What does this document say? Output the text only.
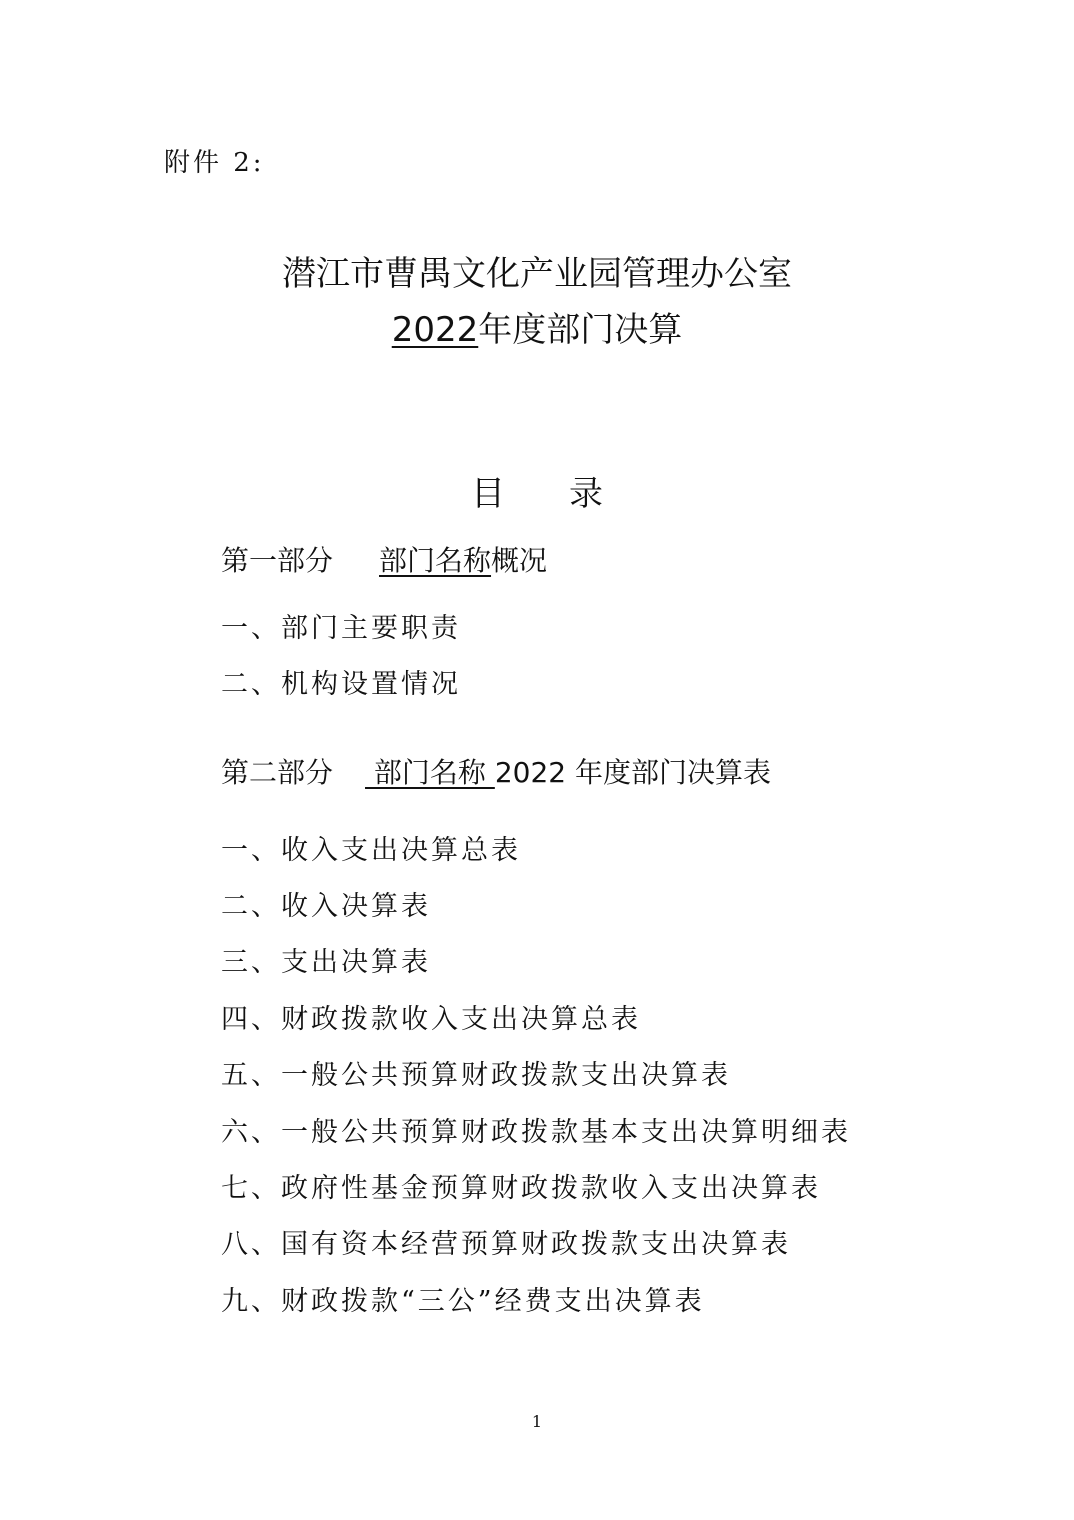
附件 2:
潜江市曹禺文化产业园管理办公室
2022年度部门决算
目 录
第一部分 部门名称概况
一、部门主要职责
二、机构设置情况
第二部分 部门名称 2022 年度部门决算表
一、收入支出决算总表
二、收入决算表
三、支出决算表
四、财政拨款收入支出决算总表
五、一般公共预算财政拨款支出决算表
六、一般公共预算财政拨款基本支出决算明细表
七、政府性基金预算财政拨款收入支出决算表
八、国有资本经营预算财政拨款支出决算表
九、财政拨款“三公”经费支出决算表
1
